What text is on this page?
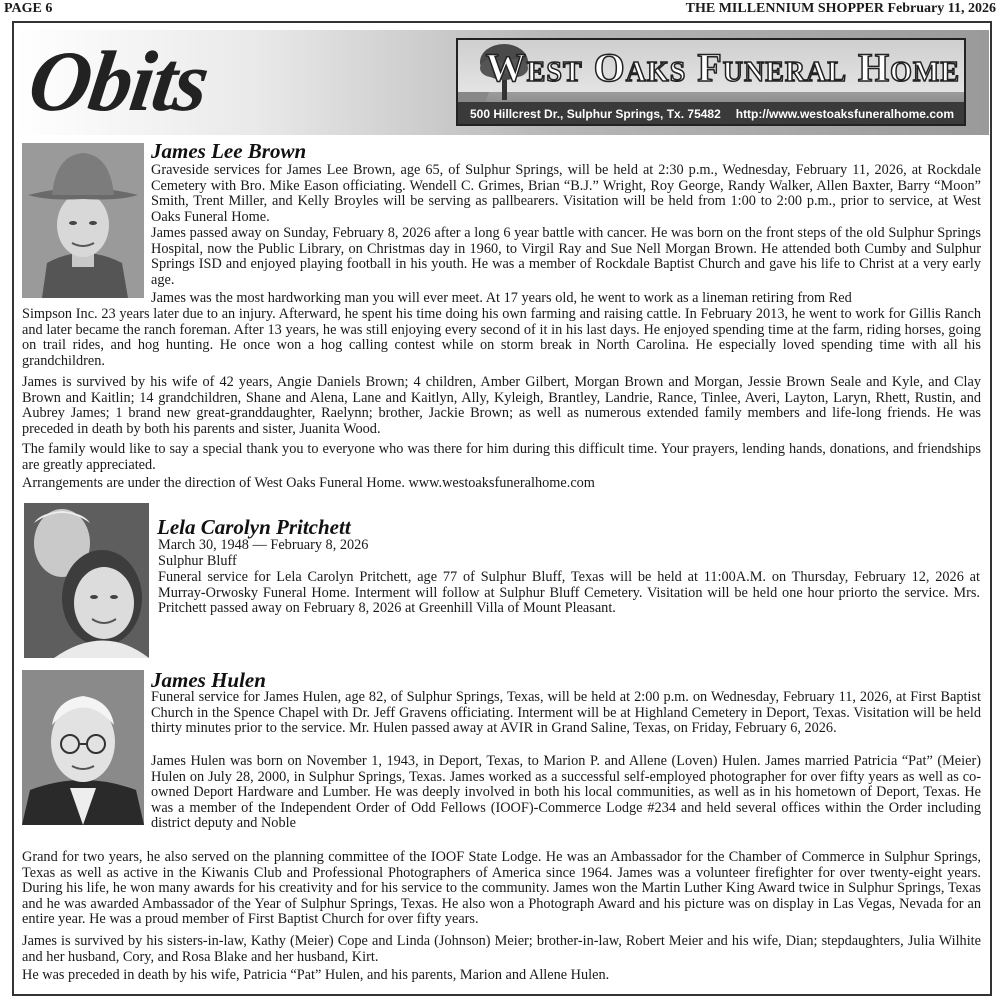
PAGE 6	THE MILLENNIUM SHOPPER February 11, 2026
Obits	West Oaks Funeral Home
500 Hillcrest Dr., Sulphur Springs, Tx. 75482 http://www.westoaksfuneralhome.com
James Lee Brown
Graveside services for James Lee Brown, age 65, of Sulphur Springs, will be held at 2:30 p.m., Wednesday, February 11, 2026, at Rockdale Cemetery with Bro. Mike Eason officiating. Wendell C. Grimes, Brian “B.J.” Wright, Roy George, Randy Walker, Allen Baxter, Barry “Moon” Smith, Trent Miller, and Kelly Broyles will be serving as pallbearers. Visitation will be held from 1:00 to 2:00 p.m., prior to service, at West Oaks Funeral Home.
James passed away on Sunday, February 8, 2026 after a long 6 year battle with cancer. He was born on the front steps of the old Sulphur Springs Hospital, now the Public Library, on Christmas day in 1960, to Virgil Ray and Sue Nell Morgan Brown. He attended both Cumby and Sulphur Springs ISD and enjoyed playing football in his youth. He was a member of Rockdale Baptist Church and gave his life to Christ at a very early age.
James was the most hardworking man you will ever meet. At 17 years old, he went to work as a lineman retiring from Red
Simpson Inc. 23 years later due to an injury. Afterward, he spent his time doing his own farming and raising cattle. In February 2013, he went to work for Gillis Ranch and later became the ranch foreman. After 13 years, he was still enjoying every second of it in his last days. He enjoyed spending time at the farm, riding horses, going on trail rides, and hog hunting. He once won a hog calling contest while on storm break in North Carolina. He especially loved spending time with all his grandchildren.
James is survived by his wife of 42 years, Angie Daniels Brown; 4 children, Amber Gilbert, Morgan Brown and Morgan, Jessie Brown Seale and Kyle, and Clay Brown and Kaitlin; 14 grandchildren, Shane and Alena, Lane and Kaitlyn, Ally, Kyleigh, Brantley, Landrie, Rance, Tinlee, Averi, Layton, Laryn, Rhett, Rustin, and Aubrey James; 1 brand new great-granddaughter, Raelynn; brother, Jackie Brown; as well as numerous extended family members and life-long friends. He was preceded in death by both his parents and sister, Juanita Wood.
The family would like to say a special thank you to everyone who was there for him during this difficult time. Your prayers, lending hands, donations, and friendships are greatly appreciated.
Arrangements are under the direction of West Oaks Funeral Home. www.westoaksfuneralhome.com
Lela Carolyn Pritchett
March 30, 1948 — February 8, 2026
Sulphur Bluff
Funeral service for Lela Carolyn Pritchett, age 77 of Sulphur Bluff, Texas will be held at 11:00A.M. on Thursday, February 12, 2026 at Murray-Orwosky Funeral Home. Interment will follow at Sulphur Bluff Cemetery. Visitation will be held one hour priorto the service. Mrs. Pritchett passed away on February 8, 2026 at Greenhill Villa of Mount Pleasant.
James Hulen
Funeral service for James Hulen, age 82, of Sulphur Springs, Texas, will be held at 2:00 p.m. on Wednesday, February 11, 2026, at First Baptist Church in the Spence Chapel with Dr. Jeff Gravens officiating. Interment will be at Highland Cemetery in Deport, Texas. Visitation will be held thirty minutes prior to the service. Mr. Hulen passed away at AVIR in Grand Saline, Texas, on Friday, February 6, 2026.
James Hulen was born on November 1, 1943, in Deport, Texas, to Marion P. and Allene (Loven) Hulen. James married Patricia “Pat” (Meier) Hulen on July 28, 2000, in Sulphur Springs, Texas. James worked as a successful self-employed photographer for over fifty years as well as co-owned Deport Hardware and Lumber. He was deeply involved in both his local communities, as well as in his hometown of Deport, Texas. He was a member of the Independent Order of Odd Fellows (IOOF)-Commerce Lodge #234 and held several offices within the Order including district deputy and Noble
Grand for two years, he also served on the planning committee of the IOOF State Lodge. He was an Ambassador for the Chamber of Commerce in Sulphur Springs, Texas as well as active in the Kiwanis Club and Professional Photographers of America since 1964. James was a volunteer firefighter for over twenty-eight years. During his life, he won many awards for his creativity and for his service to the community. James won the Martin Luther King Award twice in Sulphur Springs, Texas and he was awarded Ambassador of the Year of Sulphur Springs, Texas. He also won a Photograph Award and his picture was on display in Las Vegas, Nevada for an entire year. He was a proud member of First Baptist Church for over fifty years.
James is survived by his sisters-in-law, Kathy (Meier) Cope and Linda (Johnson) Meier; brother-in-law, Robert Meier and his wife, Dian; stepdaughters, Julia Wilhite and her husband, Cory, and Rosa Blake and her husband, Kirt.
He was preceded in death by his wife, Patricia “Pat” Hulen, and his parents, Marion and Allene Hulen.
